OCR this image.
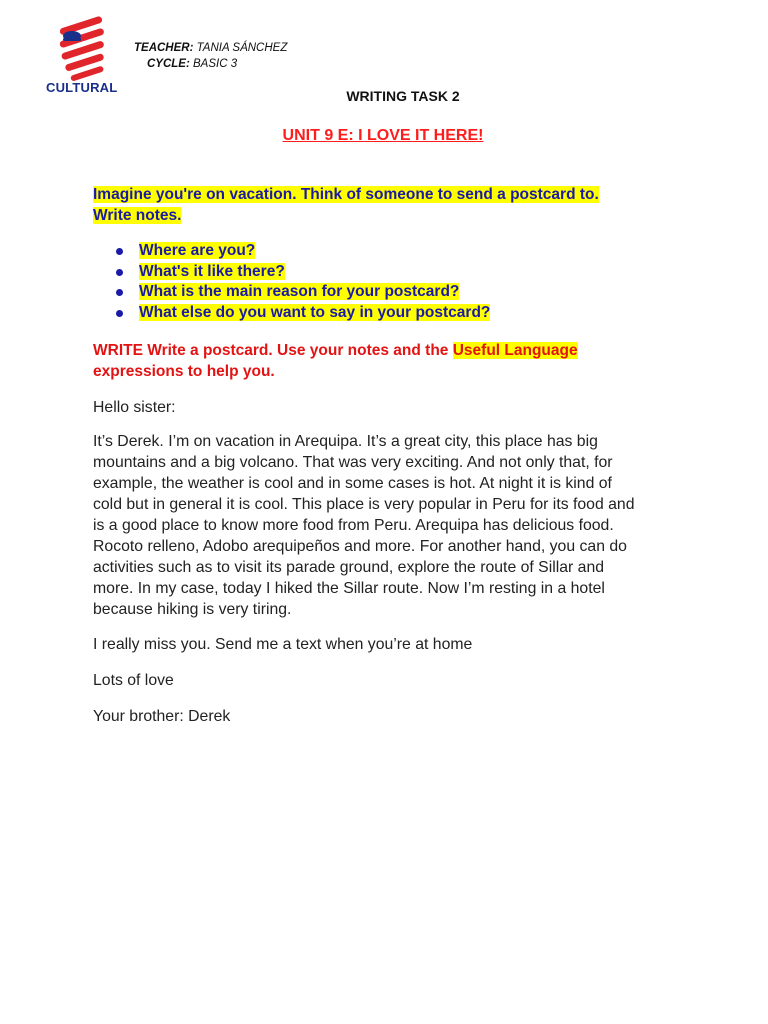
CULTURAL
TEACHER: TANIA SÁNCHEZ
CYCLE: BASIC 3
WRITING TASK 2
UNIT 9 E: I LOVE IT HERE!
Imagine you're on vacation. Think of someone to send a postcard to.
Write notes.
Where are you?
What's it like there?
What is the main reason for your postcard?
What else do you want to say in your postcard?
WRITE Write a postcard. Use your notes and the Useful Language
expressions to help you.
Hello sister:
It’s Derek. I’m on vacation in Arequipa. It’s a great city, this place has big
mountains and a big volcano. That was very exciting. And not only that, for
example, the weather is cool and in some cases is hot. At night it is kind of
cold but in general it is cool. This place is very popular in Peru for its food and
is a good place to know more food from Peru. Arequipa has delicious food.
Rocoto relleno, Adobo arequipeños and more. For another hand, you can do
activities such as to visit its parade ground, explore the route of Sillar and
more. In my case, today I hiked the Sillar route. Now I’m resting in a hotel
because hiking is very tiring.
I really miss you. Send me a text when you’re at home
Lots of love
Your brother: Derek
